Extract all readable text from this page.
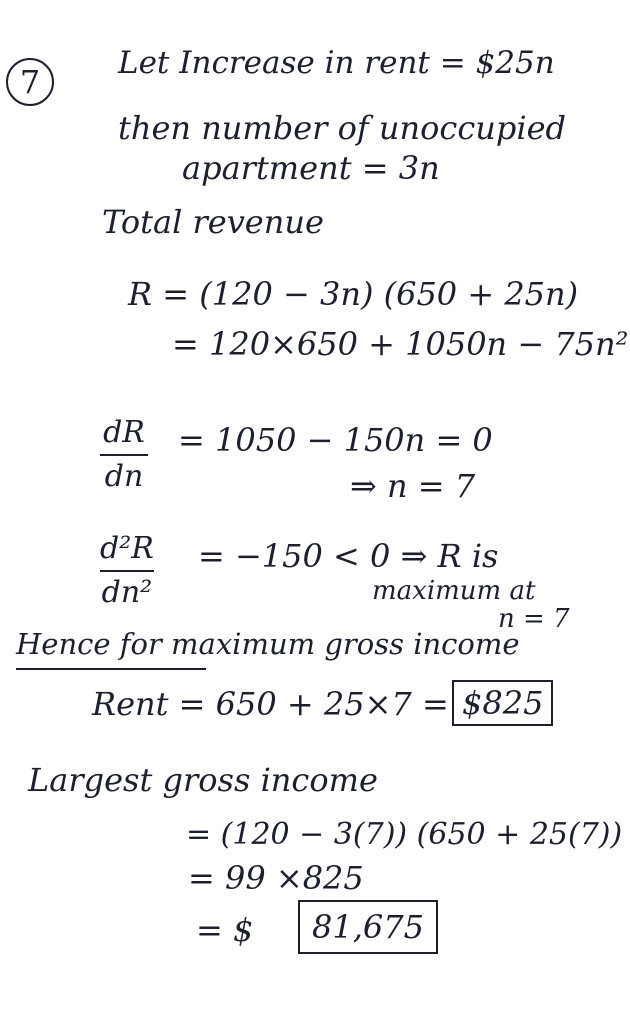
7	Let Increase in rent = $25n
then number of unoccupied
apartment = 3n
Total revenue
R = (120 − 3n) (650 + 25n)
= 120×650 + 1050n − 75n²
dR
dn
= 1050 − 150n = 0
⇒ n = 7
d²R
dn²
= −150 < 0 ⇒ R is
maximum at
n = 7
Hence for maximum gross income
Rent = 650 + 25×7 = $825
Largest gross income
= (120 − 3(7)) (650 + 25(7))
= 99 ×825
= $	81,675
